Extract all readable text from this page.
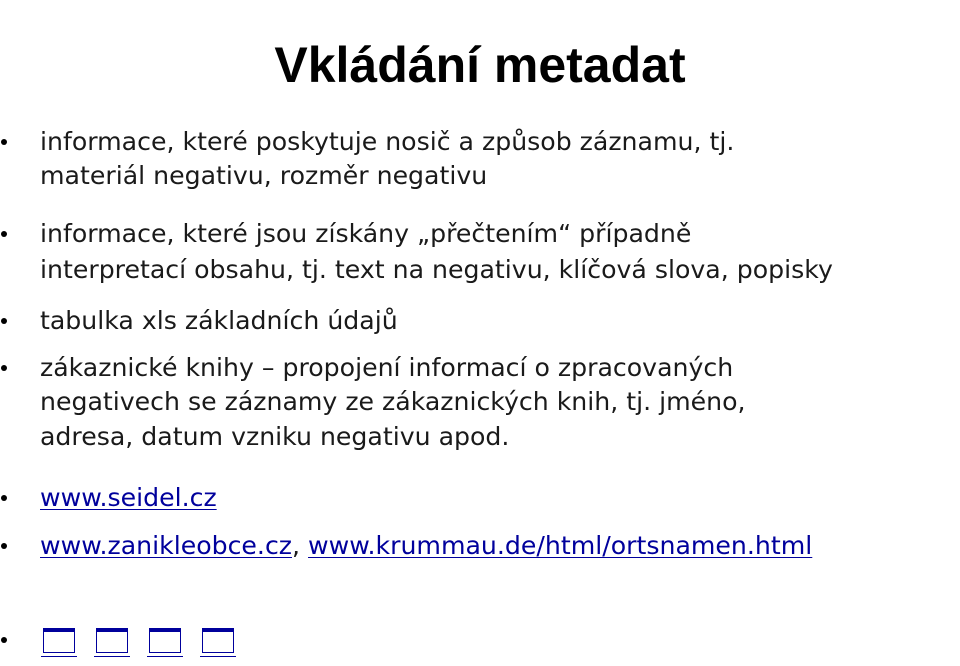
Vkládání metadat
informace, které poskytuje nosič a způsob záznamu, tj.
materiál negativu, rozměr negativu
informace, které jsou získány „přečtením“ případně
interpretací obsahu, tj. text na negativu, klíčová slova, popisky
tabulka xls základních údajů
zákaznické knihy – propojení informací o zpracovaných
negativech se záznamy ze zákaznických knih, tj. jméno,
adresa, datum vzniku negativu apod.
www.seidel.cz
www.zanikleobce.cz, www.krummau.de/html/ortsnamen.html
